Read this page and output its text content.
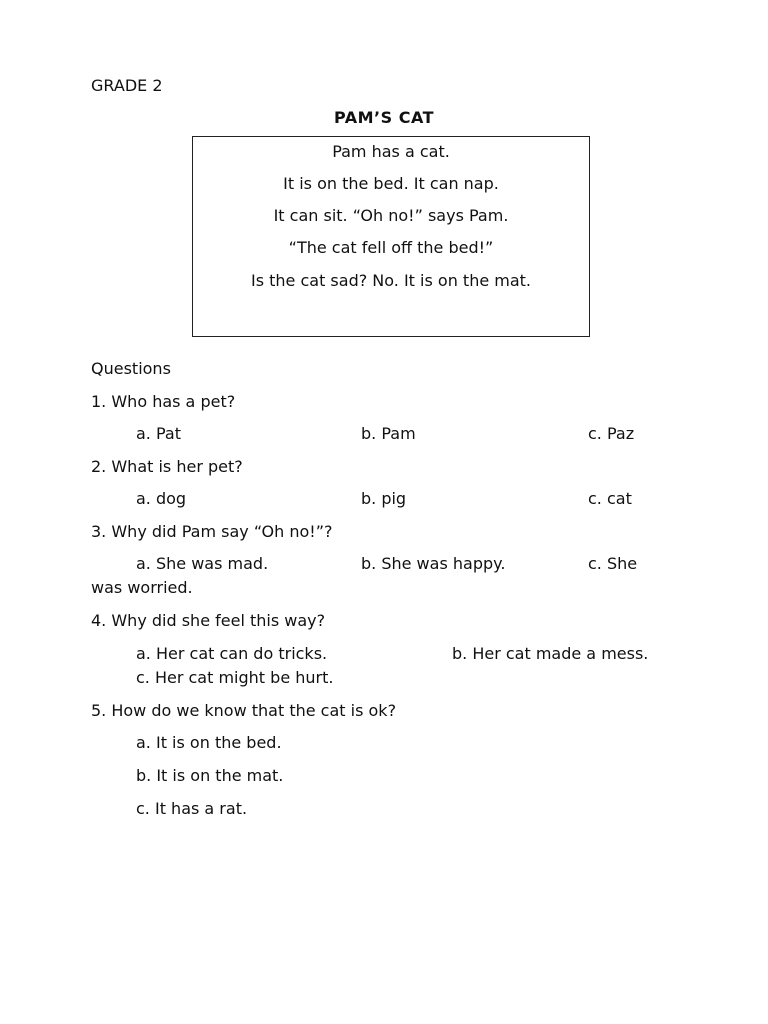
GRADE 2
PAM’S CAT
Pam has a cat.
It is on the bed. It can nap.
It can sit. “Oh no!” says Pam.
“The cat fell off the bed!”
Is the cat sad? No. It is on the mat.
Questions
1. Who has a pet?
a. Pat	b. Pam	c. Paz
2. What is her pet?
a. dog	b. pig	c. cat
3. Why did Pam say “Oh no!”?
a. She was mad.	b. She was happy.	c. She
was worried.
4. Why did she feel this way?
a. Her cat can do tricks.	b. Her cat made a mess.
c. Her cat might be hurt.
5. How do we know that the cat is ok?
a. It is on the bed.
b. It is on the mat.
c. It has a rat.
